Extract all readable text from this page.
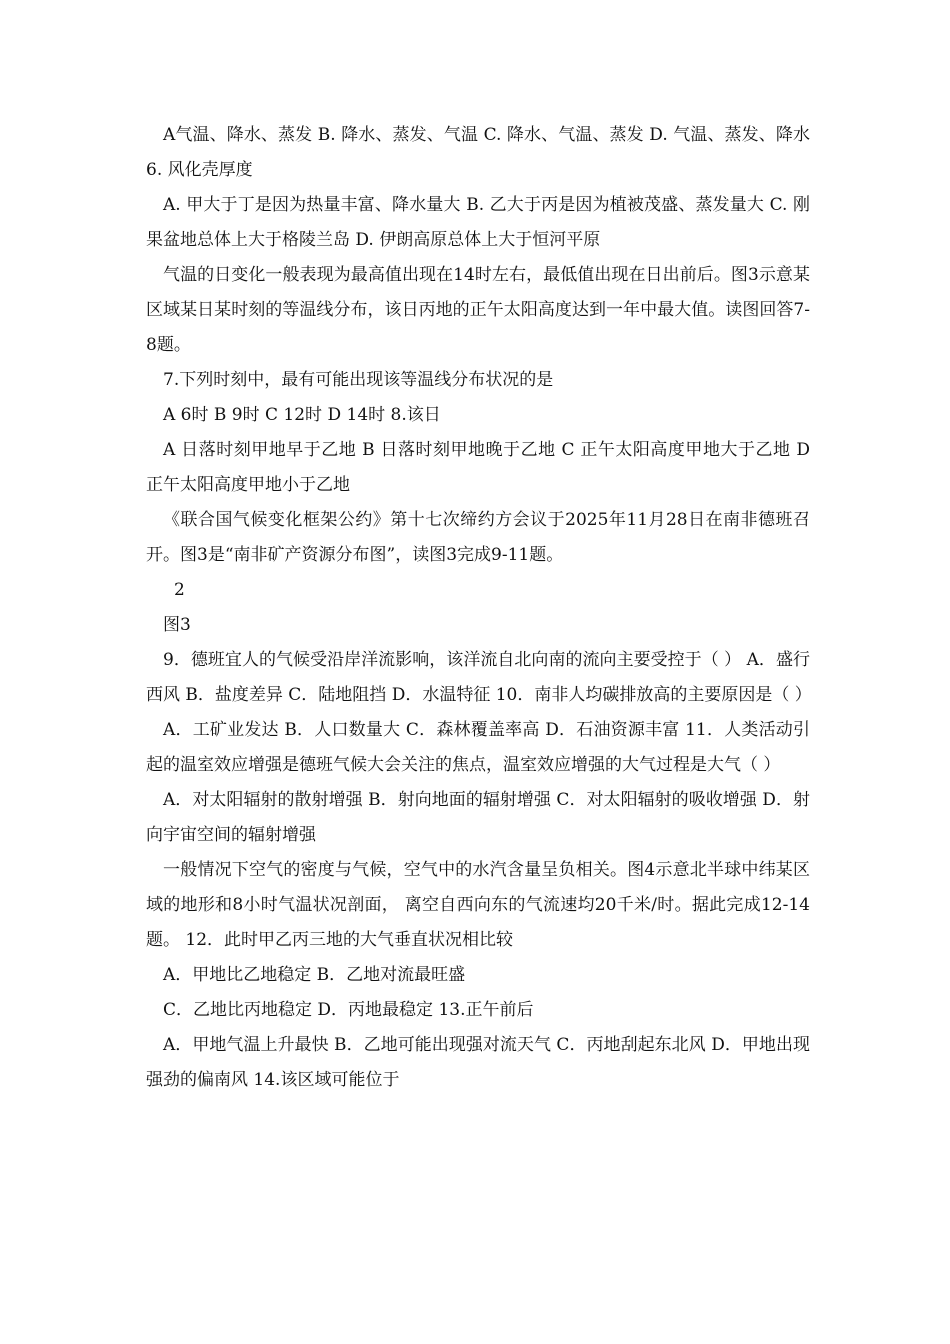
A气温、降水、蒸发 B. 降水、蒸发、气温 C. 降水、气温、蒸发 D. 气温、蒸发、降水 6. 风化壳厚度

A. 甲大于丁是因为热量丰富、降水量大 B. 乙大于丙是因为植被茂盛、蒸发量大 C. 刚果盆地总体上大于格陵兰岛 D. 伊朗高原总体上大于恒河平原

气温的日变化一般表现为最高值出现在14时左右，最低值出现在日出前后。图3示意某区域某日某时刻的等温线分布，该日丙地的正午太阳高度达到一年中最大值。读图回答7-8题。

7.下列时刻中，最有可能出现该等温线分布状况的是

A 6时 B 9时 C 12时 D 14时 8.该日

A 日落时刻甲地早于乙地 B 日落时刻甲地晚于乙地 C 正午太阳高度甲地大于乙地 D 正午太阳高度甲地小于乙地

《联合国气候变化框架公约》第十七次缔约方会议于2025年11月28日在南非德班召开。图3是“南非矿产资源分布图”，读图3完成9-11题。

2

图3

9．德班宜人的气候受沿岸洋流影响，该洋流自北向南的流向主要受控于（ ） A．盛行西风 B．盐度差异 C．陆地阻挡 D．水温特征 10．南非人均碳排放高的主要原因是（ ）

A．工矿业发达 B．人口数量大 C．森林覆盖率高 D．石油资源丰富 11．人类活动引起的温室效应增强是德班气候大会关注的焦点，温室效应增强的大气过程是大气（ ）

A．对太阳辐射的散射增强 B．射向地面的辐射增强 C．对太阳辐射的吸收增强 D．射向宇宙空间的辐射增强

一般情况下空气的密度与气候，空气中的水汽含量呈负相关。图4示意北半球中纬某区域的地形和8小时气温状况剖面， 离空自西向东的气流速均20千米/时。据此完成12-14题。 12．此时甲乙丙三地的大气垂直状况相比较

A．甲地比乙地稳定 B．乙地对流最旺盛

C．乙地比丙地稳定 D．丙地最稳定 13.正午前后

A．甲地气温上升最快 B．乙地可能出现强对流天气 C．丙地刮起东北风 D．甲地出现强劲的偏南风 14.该区域可能位于
